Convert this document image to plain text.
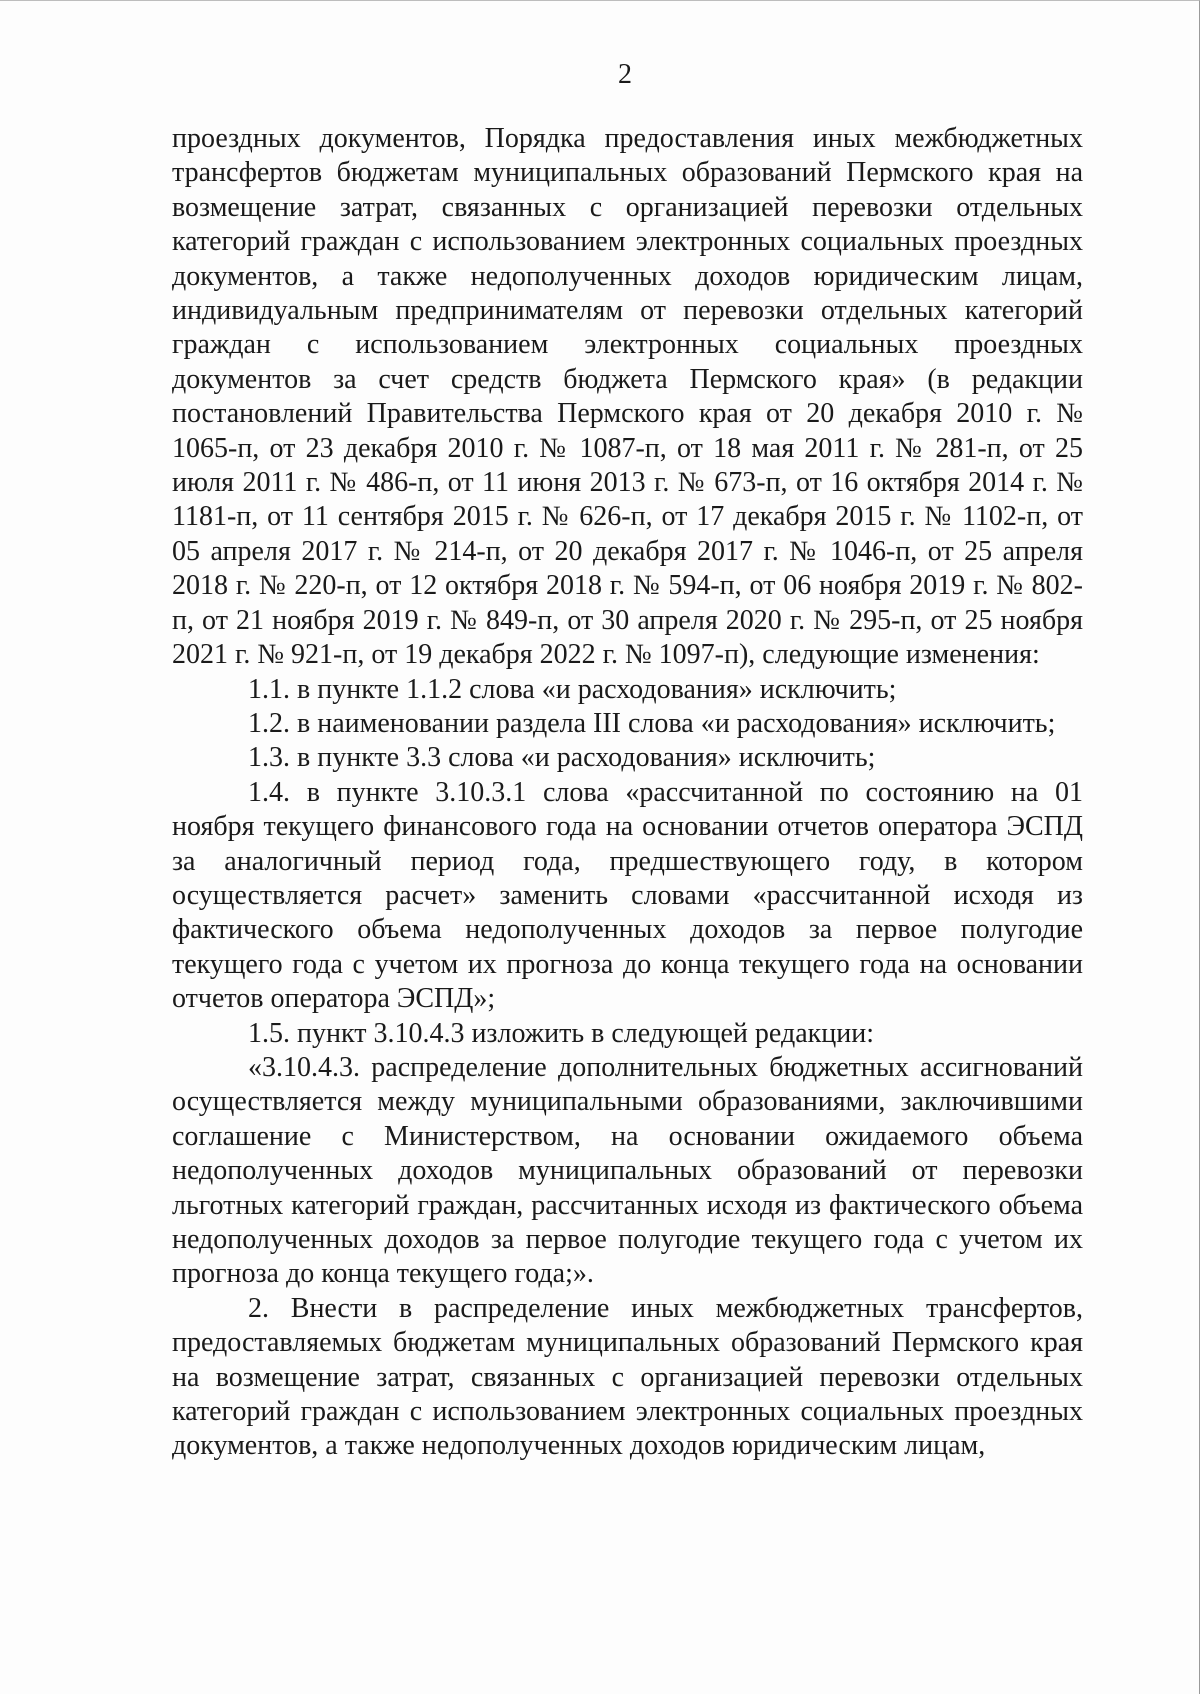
2

проездных документов, Порядка предоставления иных межбюджетных трансфертов бюджетам муниципальных образований Пермского края на возмещение затрат, связанных с организацией перевозки отдельных категорий граждан с использованием электронных социальных проездных документов, а также недополученных доходов юридическим лицам, индивидуальным предпринимателям от перевозки отдельных категорий граждан с использованием электронных социальных проездных документов за счет средств бюджета Пермского края» (в редакции постановлений Правительства Пермского края от 20 декабря 2010 г. № 1065-п, от 23 декабря 2010 г. № 1087-п, от 18 мая 2011 г. № 281-п, от 25 июля 2011 г. № 486-п, от 11 июня 2013 г. № 673-п, от 16 октября 2014 г. № 1181-п, от 11 сентября 2015 г. № 626-п, от 17 декабря 2015 г. № 1102-п, от 05 апреля 2017 г. № 214-п, от 20 декабря 2017 г. № 1046-п, от 25 апреля 2018 г. № 220-п, от 12 октября 2018 г. № 594-п, от 06 ноября 2019 г. № 802-п, от 21 ноября 2019 г. № 849-п, от 30 апреля 2020 г. № 295-п, от 25 ноября 2021 г. № 921-п, от 19 декабря 2022 г. № 1097-п), следующие изменения:

1.1. в пункте 1.1.2 слова «и расходования» исключить;

1.2. в наименовании раздела III слова «и расходования» исключить;

1.3. в пункте 3.3 слова «и расходования» исключить;

1.4. в пункте 3.10.3.1 слова «рассчитанной по состоянию на 01 ноября текущего финансового года на основании отчетов оператора ЭСПД за аналогичный период года, предшествующего году, в котором осуществляется расчет» заменить словами «рассчитанной исходя из фактического объема недополученных доходов за первое полугодие текущего года с учетом их прогноза до конца текущего года на основании отчетов оператора ЭСПД»;

1.5. пункт 3.10.4.3 изложить в следующей редакции:

«3.10.4.3. распределение дополнительных бюджетных ассигнований осуществляется между муниципальными образованиями, заключившими соглашение с Министерством, на основании ожидаемого объема недополученных доходов муниципальных образований от перевозки льготных категорий граждан, рассчитанных исходя из фактического объема недополученных доходов за первое полугодие текущего года с учетом их прогноза до конца текущего года;».

2. Внести в распределение иных межбюджетных трансфертов, предоставляемых бюджетам муниципальных образований Пермского края на возмещение затрат, связанных с организацией перевозки отдельных категорий граждан с использованием электронных социальных проездных документов, а также недополученных доходов юридическим лицам,
